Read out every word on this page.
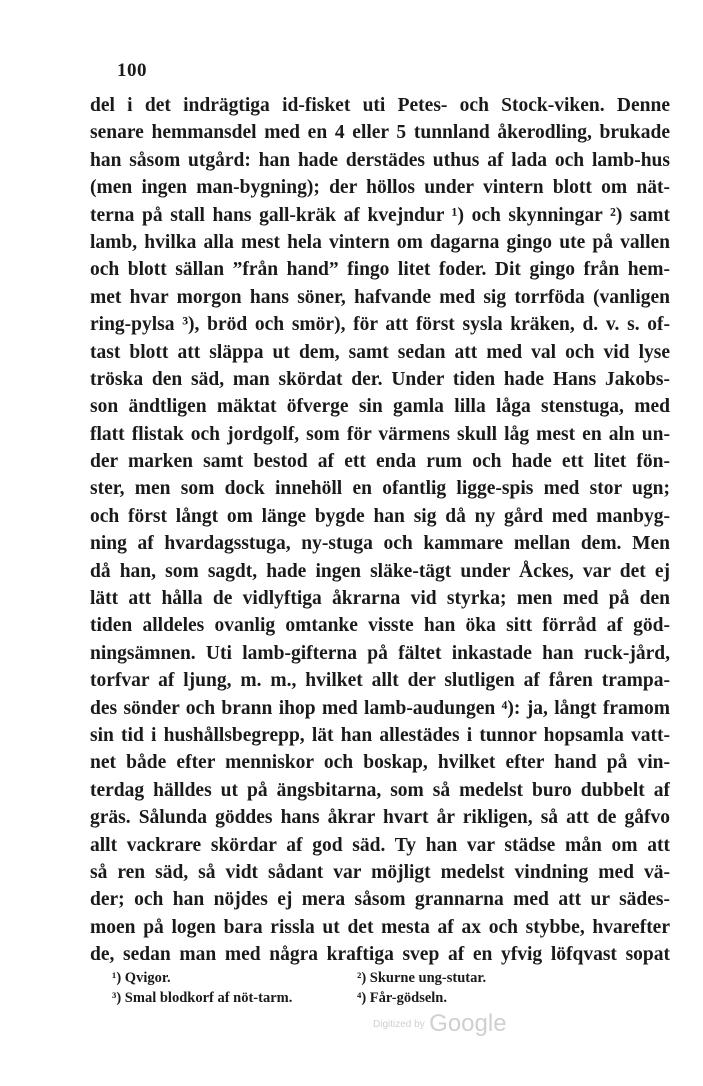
100
del i det indrägtiga id-fisket uti Petes- och Stock-viken. Denne
senare hemmansdel med en 4 eller 5 tunnland åkerodling, brukade
han såsom utgård: han hade derstädes uthus af lada och lamb-hus
(men ingen man-bygning); der höllos under vintern blott om nät-
terna på stall hans gall-kräk af kvejndur ¹) och skynningar ²) samt
lamb, hvilka alla mest hela vintern om dagarna gingo ute på vallen
och blott sällan ”från hand” fingo litet foder. Dit gingo från hem-
met hvar morgon hans söner, hafvande med sig torrföda (vanligen
ring-pylsa ³), bröd och smör), för att först sysla kräken, d. v. s. of-
tast blott att släppa ut dem, samt sedan att med val och vid lyse
tröska den säd, man skördat der. Under tiden hade Hans Jakobs-
son ändtligen mäktat öfverge sin gamla lilla låga stenstuga, med
flatt flistak och jordgolf, som för värmens skull låg mest en aln un-
der marken samt bestod af ett enda rum och hade ett litet fön-
ster, men som dock innehöll en ofantlig ligge-spis med stor ugn;
och först långt om länge bygde han sig då ny gård med manbyg-
ning af hvardagsstuga, ny-stuga och kammare mellan dem. Men
då han, som sagdt, hade ingen släke-tägt under Åckes, var det ej
lätt att hålla de vidlyftiga åkrarna vid styrka; men med på den
tiden alldeles ovanlig omtanke visste han öka sitt förråd af göd-
ningsämnen. Uti lamb-gifterna på fältet inkastade han ruck-jård,
torfvar af ljung, m. m., hvilket allt der slutligen af fåren trampa-
des sönder och brann ihop med lamb-audungen ⁴): ja, långt framom
sin tid i hushållsbegrepp, lät han allestädes i tunnor hopsamla vatt-
net både efter menniskor och boskap, hvilket efter hand på vin-
terdag hälldes ut på ängsbitarna, som så medelst buro dubbelt af
gräs. Sålunda göddes hans åkrar hvart år rikligen, så att de gåfvo
allt vackrare skördar af god säd. Ty han var städse mån om att
så ren säd, så vidt sådant var möjligt medelst vindning med vä-
der; och han nöjdes ej mera såsom grannarna med att ur sädes-
moen på logen bara rissla ut det mesta af ax och stybbe, hvarefter
de, sedan man med några kraftiga svep af en yfvig löfqvast sopat
¹) Qvigor.	²) Skurne ung-stutar.
³) Smal blodkorf af nöt-tarm.	⁴) Får-gödseln.
$^{Digitized by}$ Google
